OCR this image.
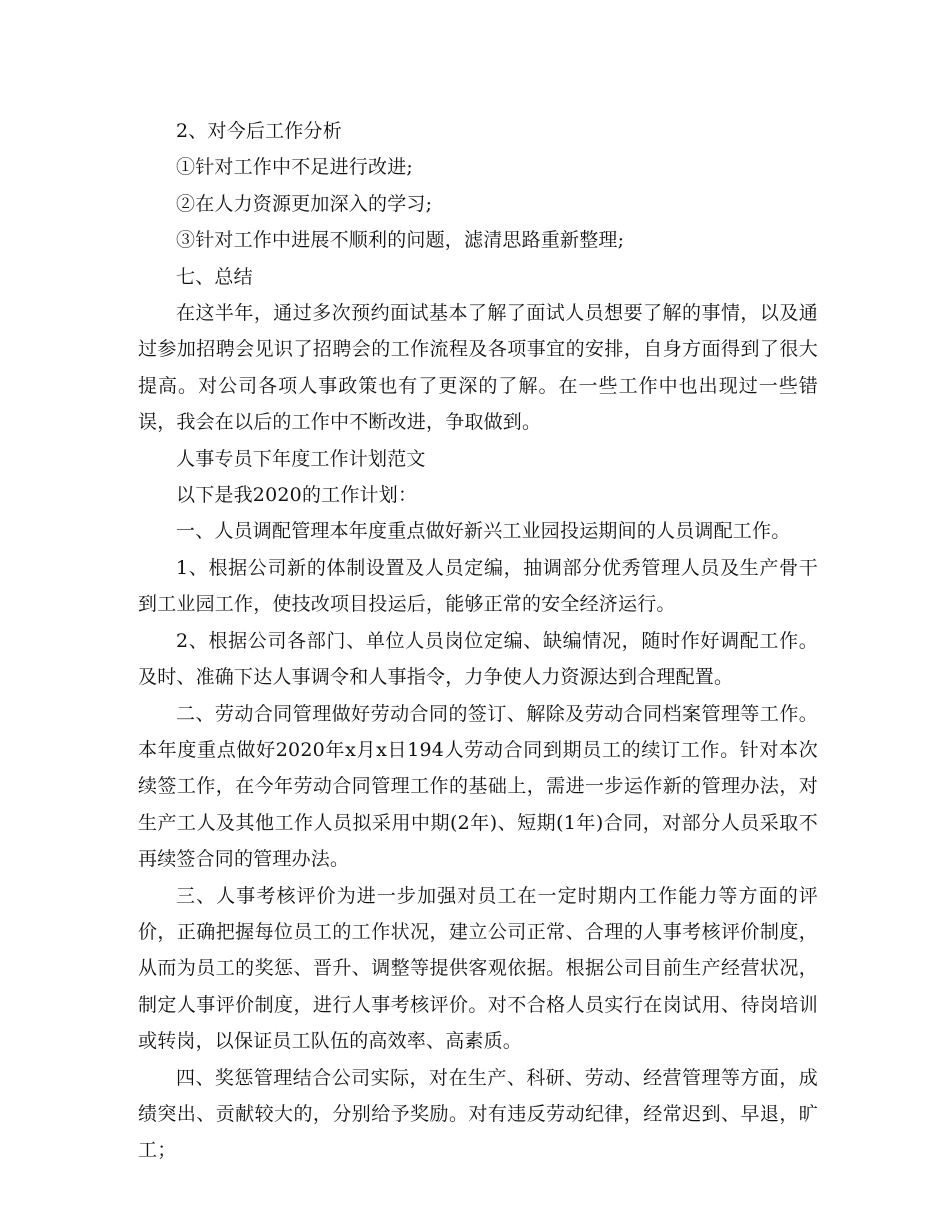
2、对今后工作分析

①针对工作中不足进行改进;

②在人力资源更加深入的学习;

③针对工作中进展不顺利的问题，滤清思路重新整理;

七、总结

在这半年，通过多次预约面试基本了解了面试人员想要了解的事情，以及通过参加招聘会见识了招聘会的工作流程及各项事宜的安排，自身方面得到了很大提高。对公司各项人事政策也有了更深的了解。在一些工作中也出现过一些错误，我会在以后的工作中不断改进，争取做到。

人事专员下年度工作计划范文

以下是我2020的工作计划：

一、人员调配管理本年度重点做好新兴工业园投运期间的人员调配工作。

1、根据公司新的体制设置及人员定编，抽调部分优秀管理人员及生产骨干到工业园工作，使技改项目投运后，能够正常的安全经济运行。

2、根据公司各部门、单位人员岗位定编、缺编情况，随时作好调配工作。及时、准确下达人事调令和人事指令，力争使人力资源达到合理配置。

二、劳动合同管理做好劳动合同的签订、解除及劳动合同档案管理等工作。本年度重点做好2020年x月x日194人劳动合同到期员工的续订工作。针对本次续签工作，在今年劳动合同管理工作的基础上，需进一步运作新的管理办法，对生产工人及其他工作人员拟采用中期(2年)、短期(1年)合同，对部分人员采取不再续签合同的管理办法。

三、人事考核评价为进一步加强对员工在一定时期内工作能力等方面的评价，正确把握每位员工的工作状况，建立公司正常、合理的人事考核评价制度，从而为员工的奖惩、晋升、调整等提供客观依据。根据公司目前生产经营状况，制定人事评价制度，进行人事考核评价。对不合格人员实行在岗试用、待岗培训或转岗，以保证员工队伍的高效率、高素质。

四、奖惩管理结合公司实际，对在生产、科研、劳动、经营管理等方面，成绩突出、贡献较大的，分别给予奖励。对有违反劳动纪律，经常迟到、早退，旷工；
